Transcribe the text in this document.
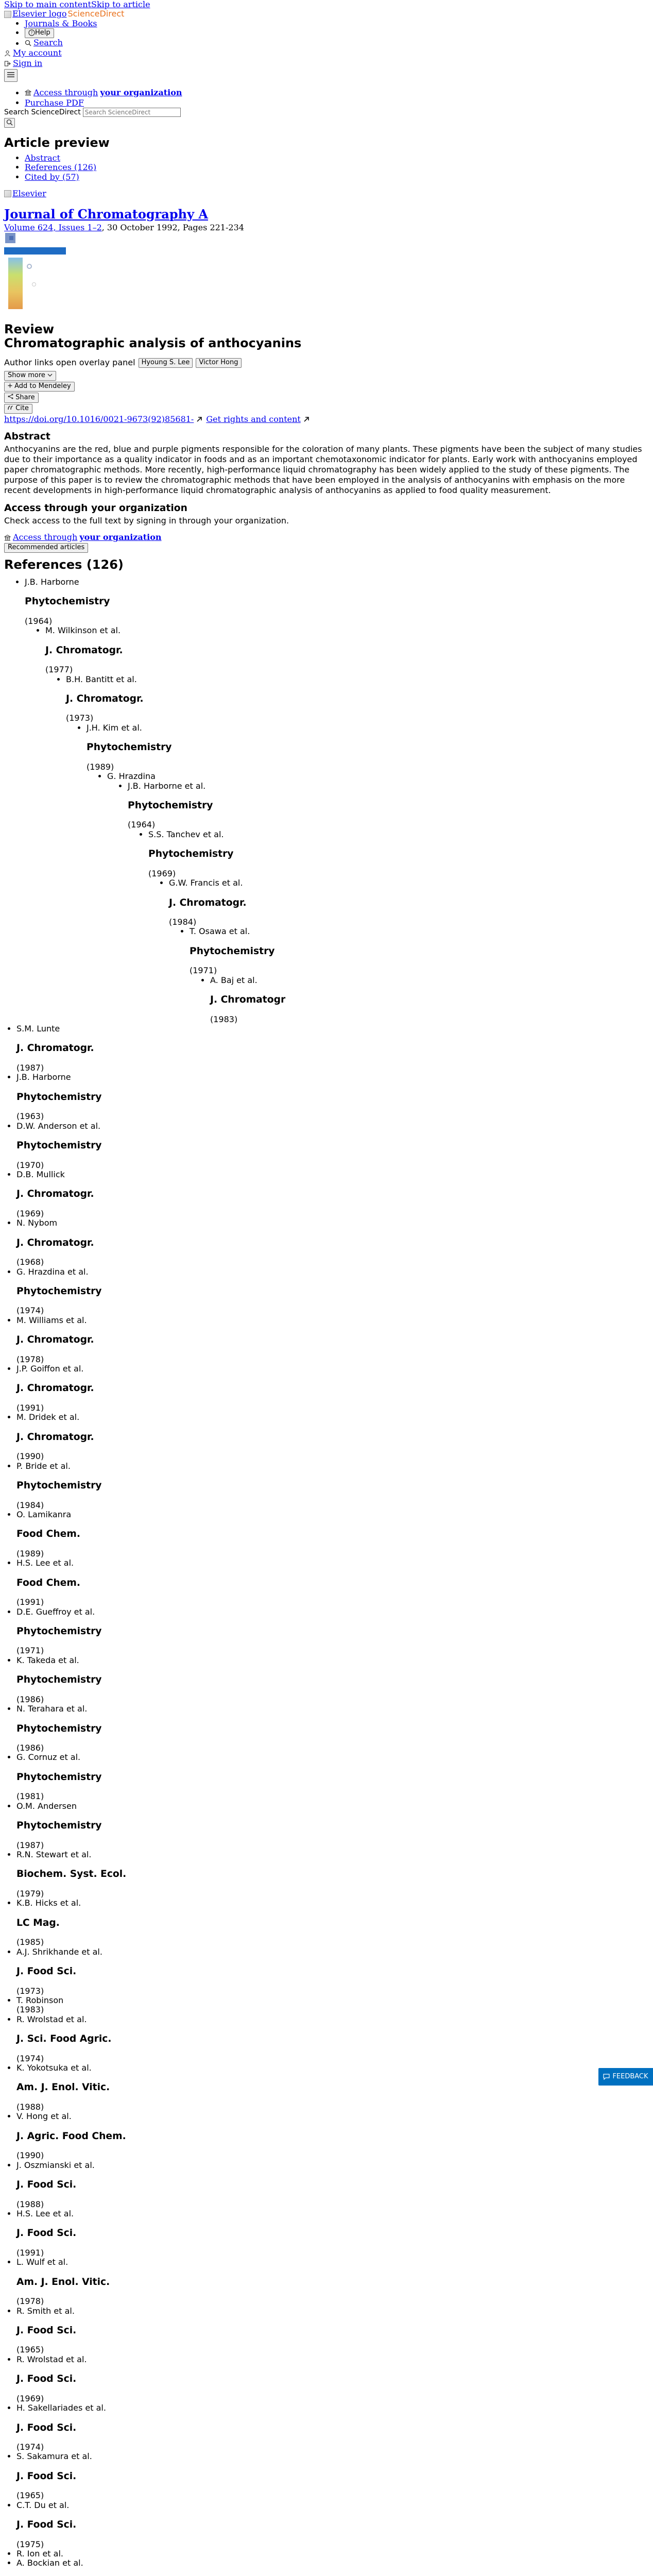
Skip to main contentSkip to article
Elsevier logo ScienceDirect
• Journals & Books
• ? Help
• Search
My account

Sign in
• Access through your organization
• Purchase PDF
Search ScienceDirect
Search ScienceDirect
Article preview
• Abstract
• References (126)
• Cited by (57)
Elsevier
Journal of Chromatography A
Volume 624, Issues 1–2, 30 October 1992, Pages 221-234
Review
Chromatographic analysis of anthocyanins
Author links open overlay panel Hyoung S. Lee	Victor Hong
Show more
Add to Mendeley
Share
Cite
https://doi.org/10.1016/0021-9673(92)85681- Get rights and content
Abstract

Anthocyanins are the red, blue and purple pigments responsible for the coloration of many plants. These pigments have been the subject of many studies due to their importance as a quality indicator in foods and as an important chemotaxonomic indicator for plants. Early work with anthocyanins employed paper chromatographic methods. More recently, high-performance liquid chromatography has been widely applied to the study of these pigments. The purpose of this paper is to review the chromatographic methods that have been employed in the analysis of anthocyanins with emphasis on the more recent developments in high-performance liquid chromatographic analysis of anthocyanins as applied to food quality measurement.

Access through your organization

Check access to the full text by signing in through your organization.

Access through your organization
Recommended articles
References (126)
• J.B. Harborne
Phytochemistry
(1964)
• M. Wilkinson et al.
J. Chromatogr.
(1977)
• B.H. Bantitt et al.
J. Chromatogr.
(1973)
• J.H. Kim et al.
Phytochemistry
(1989)
• G. Hrazdina
• J.B. Harborne et al.
Phytochemistry
(1964)
• S.S. Tanchev et al.
Phytochemistry
(1969)
• G.W. Francis et al.
J. Chromatogr.
(1984)
• T. Osawa et al.
Phytochemistry
(1971)
• A. Baj et al.
J. Chromatogr
(1983)
• S.M. Lunte
J. Chromatogr.
(1987)
• J.B. Harborne
Phytochemistry
(1963)
• D.W. Anderson et al.
Phytochemistry
(1970)
• D.B. Mullick
J. Chromatogr.
(1969)
• N. Nybom
J. Chromatogr.
(1968)
• G. Hrazdina et al.
Phytochemistry
(1974)
• M. Williams et al.
J. Chromatogr.
(1978)
• J.P. Goiffon et al.
J. Chromatogr.
(1991)
• M. Dridek et al.
J. Chromatogr.
(1990)
• P. Bride et al.
Phytochemistry
(1984)
• O. Lamikanra
Food Chem.
(1989)
• H.S. Lee et al.
Food Chem.
(1991)
• D.E. Gueffroy et al.
Phytochemistry
(1971)
• K. Takeda et al.
Phytochemistry
(1986)
• N. Terahara et al.
Phytochemistry
(1986)
• G. Cornuz et al.
Phytochemistry
(1981)
• O.M. Andersen
Phytochemistry
(1987)
• R.N. Stewart et al.
Biochem. Syst. Ecol.
(1979)
• K.B. Hicks et al.
LC Mag.
(1985)
• A.J. Shrikhande et al.
J. Food Sci.
(1973)
• T. Robinson
(1983)
• R. Wrolstad et al.
J. Sci. Food Agric.
(1974)
• K. Yokotsuka et al.
Am. J. Enol. Vitic.
(1988)
• V. Hong et al.
J. Agric. Food Chem.
(1990)
• J. Oszmianski et al.
J. Food Sci.
(1988)
• H.S. Lee et al.
J. Food Sci.
(1991)
• L. Wulf et al.
Am. J. Enol. Vitic.
(1978)
• R. Smith et al.
J. Food Sci.
(1965)
• R. Wrolstad et al.
J. Food Sci.
(1969)
• H. Sakellariades et al.
J. Food Sci.
(1974)
• S. Sakamura et al.
J. Food Sci.
(1965)
• C.T. Du et al.
J. Food Sci.
(1975)
• R. Ion et al.
• A. Bockian et al.
FEEDBACK
